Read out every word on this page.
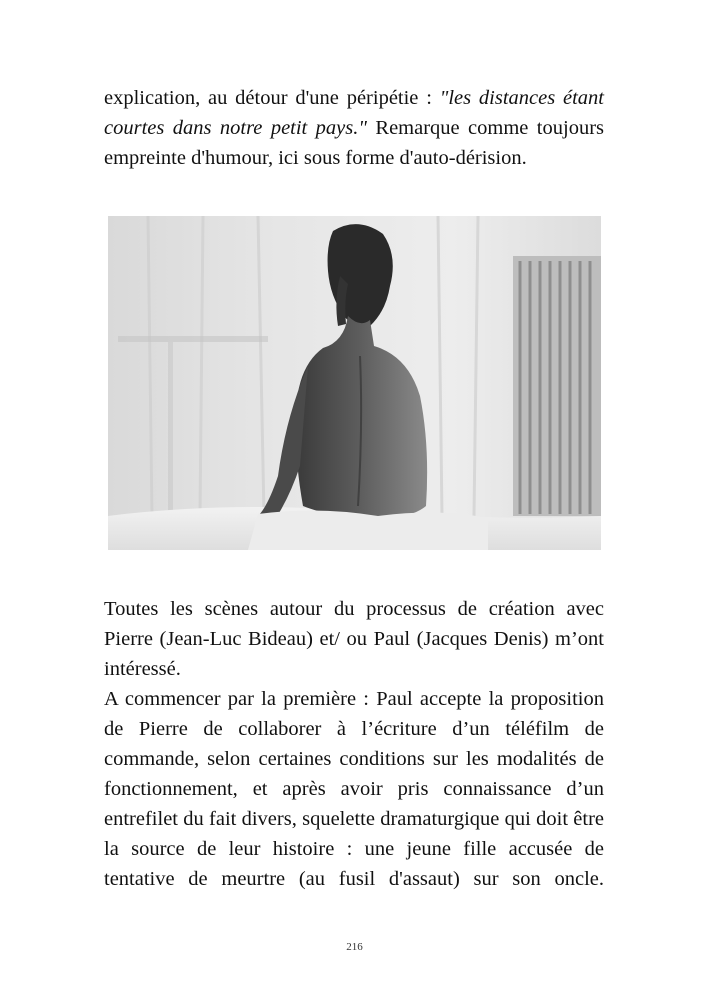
explication, au détour d'une péripétie : "les distances étant courtes dans notre petit pays." Remarque comme toujours empreinte d'humour, ici sous forme d'auto-dérision.

Toutes les scènes autour du processus de création avec Pierre (Jean-Luc Bideau) et/ ou Paul (Jacques Denis) m’ont intéressé.

A commencer par la première : Paul accepte la proposition de Pierre de collaborer à l’écriture d’un téléfilm de commande, selon certaines conditions sur les modalités de fonctionnement, et après avoir pris connaissance d’un entrefilet du fait divers, squelette dramaturgique qui doit être la source de leur histoire : une jeune fille accusée de tentative de meurtre (au fusil d'assaut) sur son oncle.

216
